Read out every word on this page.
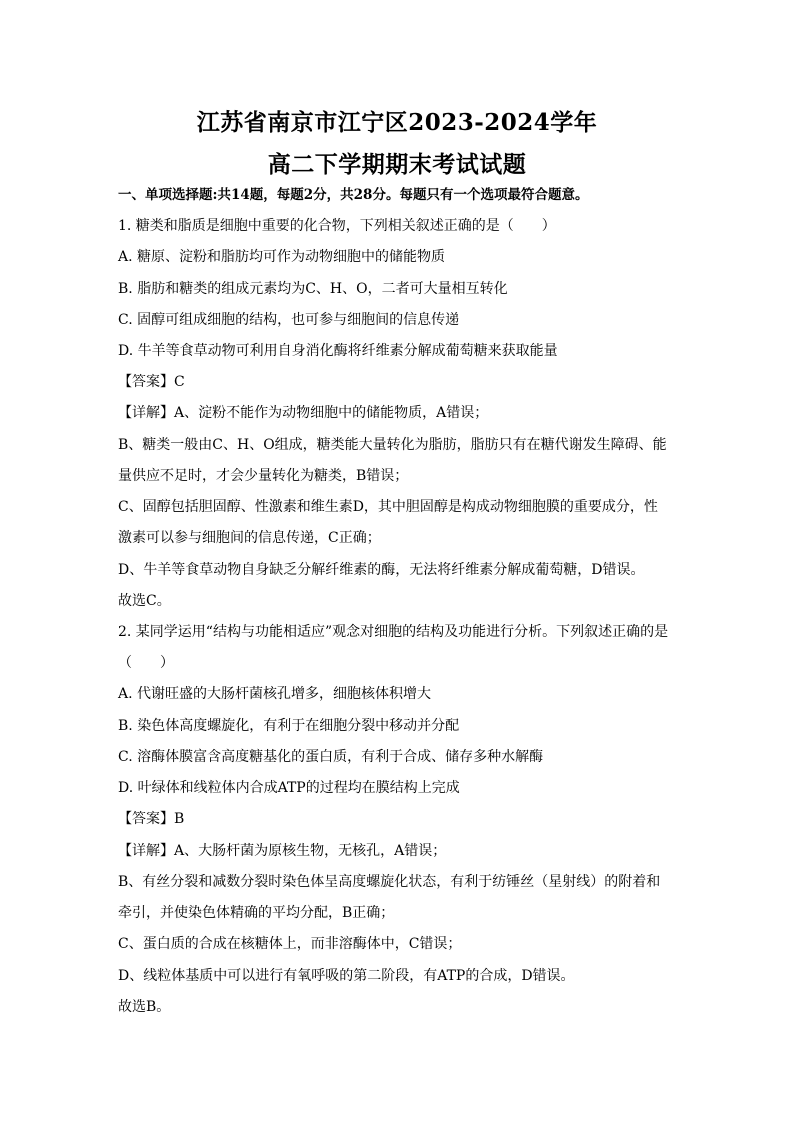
江苏省南京市江宁区2023-2024学年
高二下学期期末考试试题
一、单项选择题:共14题，每题2分，共28分。每题只有一个选项最符合题意。
1. 糖类和脂质是细胞中重要的化合物，下列相关叙述正确的是（　　）
A. 糖原、淀粉和脂肪均可作为动物细胞中的储能物质
B. 脂肪和糖类的组成元素均为C、H、O，二者可大量相互转化
C. 固醇可组成细胞的结构，也可参与细胞间的信息传递
D. 牛羊等食草动物可利用自身消化酶将纤维素分解成葡萄糖来获取能量
【答案】C
【详解】A、淀粉不能作为动物细胞中的储能物质，A错误；
B、糖类一般由C、H、O组成，糖类能大量转化为脂肪，脂肪只有在糖代谢发生障碍、能
量供应不足时，才会少量转化为糖类，B错误；
C、固醇包括胆固醇、性激素和维生素D，其中胆固醇是构成动物细胞膜的重要成分，性
激素可以参与细胞间的信息传递，C正确；
D、牛羊等食草动物自身缺乏分解纤维素的酶，无法将纤维素分解成葡萄糖，D错误。
故选C。
2. 某同学运用“结构与功能相适应”观念对细胞的结构及功能进行分析。下列叙述正确的是
（　　）
A. 代谢旺盛的大肠杆菌核孔增多，细胞核体积增大
B. 染色体高度螺旋化，有利于在细胞分裂中移动并分配
C. 溶酶体膜富含高度糖基化的蛋白质，有利于合成、储存多种水解酶
D. 叶绿体和线粒体内合成ATP的过程均在膜结构上完成
【答案】B
【详解】A、大肠杆菌为原核生物，无核孔，A错误；
B、有丝分裂和减数分裂时染色体呈高度螺旋化状态，有利于纺锤丝（星射线）的附着和
牵引，并使染色体精确的平均分配，B正确；
C、蛋白质的合成在核糖体上，而非溶酶体中，C错误；
D、线粒体基质中可以进行有氧呼吸的第二阶段，有ATP的合成，D错误。
故选B。
